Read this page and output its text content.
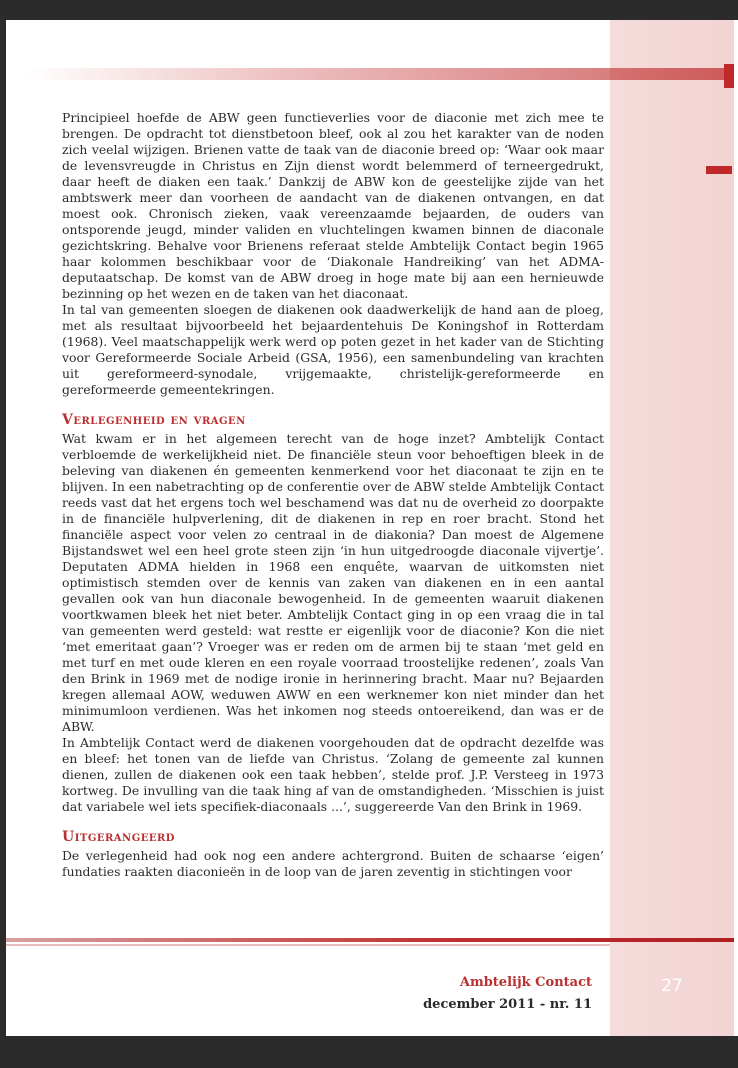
Principieel hoefde de ABW geen functieverlies voor de diaconie met zich mee te brengen. De opdracht tot dienstbetoon bleef, ook al zou het karakter van de noden zich veelal wijzigen. Brienen vatte de taak van de diaconie breed op: ‘Waar ook maar de levensvreugde in Christus en Zijn dienst wordt belemmerd of terneergedrukt, daar heeft de diaken een taak.’ Dankzij de ABW kon de geestelijke zijde van het ambtswerk meer dan voorheen de aandacht van de diakenen ontvangen, en dat moest ook. Chronisch zieken, vaak vereenzaamde bejaarden, de ouders van ontsporende jeugd, minder validen en vluchtelingen kwamen binnen de diaconale gezichtskring. Behalve voor Brienens referaat stelde Ambtelijk Contact begin 1965 haar kolommen beschikbaar voor de ‘Diakonale Handreiking’ van het ADMA-deputaatschap. De komst van de ABW droeg in hoge mate bij aan een hernieuwde bezinning op het wezen en de taken van het diaconaat.

In tal van gemeenten sloegen de diakenen ook daadwerkelijk de hand aan de ploeg, met als resultaat bijvoorbeeld het bejaardentehuis De Koningshof in Rotterdam (1968). Veel maatschappelijk werk werd op poten gezet in het kader van de Stichting voor Gereformeerde Sociale Arbeid (GSA, 1956), een samenbundeling van krachten uit gereformeerd-synodale, vrijgemaakte, christelijk-gereformeerde en gereformeerde gemeentekringen.

Verlegenheid en vragen

Wat kwam er in het algemeen terecht van de hoge inzet? Ambtelijk Contact verbloemde de werkelijkheid niet. De financiële steun voor behoeftigen bleek in de beleving van diakenen én gemeenten kenmerkend voor het diaconaat te zijn en te blijven. In een nabetrachting op de conferentie over de ABW stelde Ambtelijk Contact reeds vast dat het ergens toch wel beschamend was dat nu de overheid zo doorpakte in de financiële hulpverlening, dit de diakenen in rep en roer bracht. Stond het financiële aspect voor velen zo centraal in de diakonia? Dan moest de Algemene Bijstandswet wel een heel grote steen zijn ‘in hun uitgedroogde diaconale vijvertje’. Deputaten ADMA hielden in 1968 een enquête, waarvan de uitkomsten niet optimistisch stemden over de kennis van zaken van diakenen en in een aantal gevallen ook van hun diaconale bewogenheid. In de gemeenten waaruit diakenen voortkwamen bleek het niet beter. Ambtelijk Contact ging in op een vraag die in tal van gemeenten werd gesteld: wat restte er eigenlijk voor de diaconie? Kon die niet ‘met emeritaat gaan’? Vroeger was er reden om de armen bij te staan ‘met geld en met turf en met oude kleren en een royale voorraad troostelijke redenen’, zoals Van den Brink in 1969 met de nodige ironie in herinnering bracht. Maar nu? Bejaarden kregen allemaal AOW, weduwen AWW en een werknemer kon niet minder dan het minimumloon verdienen. Was het inkomen nog steeds ontoereikend, dan was er de ABW.

In Ambtelijk Contact werd de diakenen voorgehouden dat de opdracht dezelfde was en bleef: het tonen van de liefde van Christus. ‘Zolang de gemeente zal kunnen dienen, zullen de diakenen ook een taak hebben’, stelde prof. J.P. Versteeg in 1973 kortweg. De invulling van die taak hing af van de omstandigheden. ‘Misschien is juist dat variabele wel iets specifiek-diaconaals ...’, suggereerde Van den Brink in 1969.

Uitgerangeerd

De verlegenheid had ook nog een andere achtergrond. Buiten de schaarse ‘eigen’ fundaties raakten diaconieën in de loop van de jaren zeventig in stichtingen voor

Ambtelijk Contact
december 2011 - nr. 11
27
